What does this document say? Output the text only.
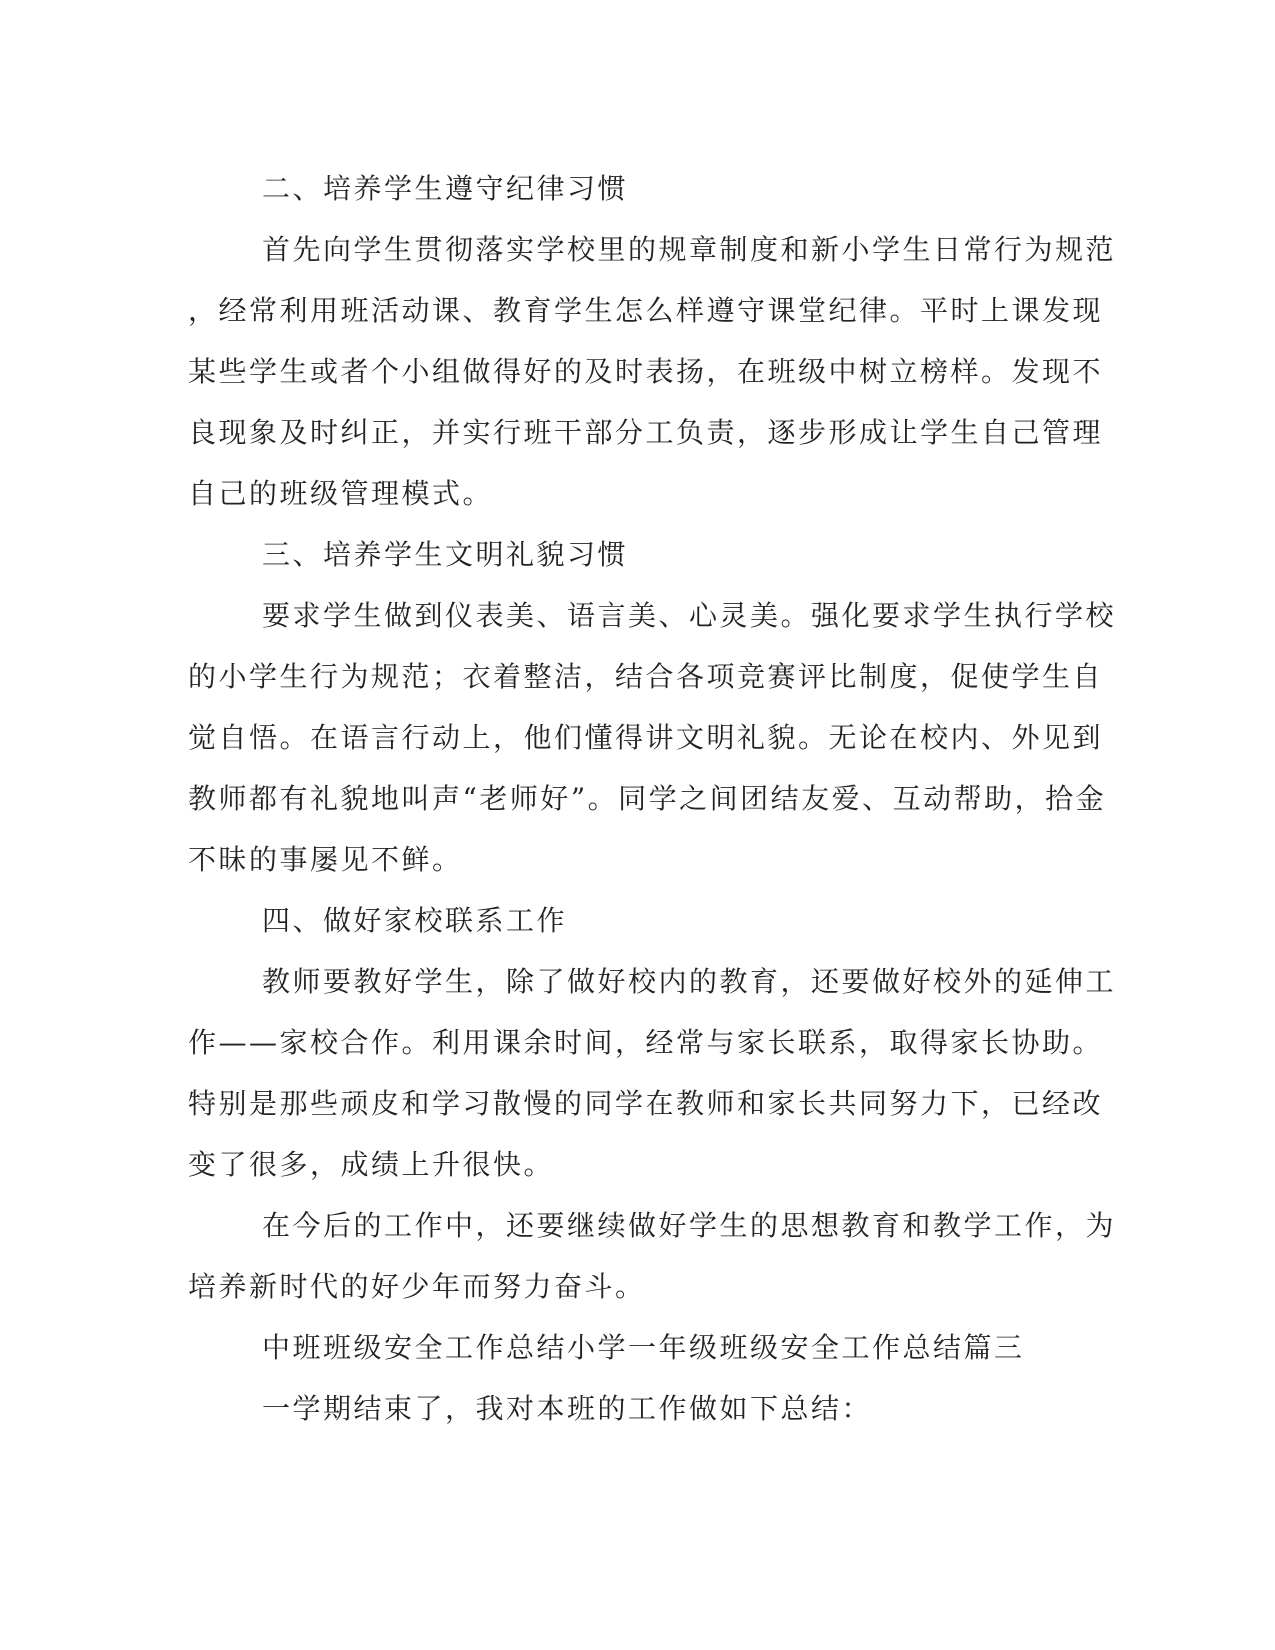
二、培养学生遵守纪律习惯

首先向学生贯彻落实学校里的规章制度和新小学生日常行为规范
，经常利用班活动课、教育学生怎么样遵守课堂纪律。平时上课发现
某些学生或者个小组做得好的及时表扬，在班级中树立榜样。发现不
良现象及时纠正，并实行班干部分工负责，逐步形成让学生自己管理
自己的班级管理模式。

三、培养学生文明礼貌习惯

要求学生做到仪表美、语言美、心灵美。强化要求学生执行学校
的小学生行为规范；衣着整洁，结合各项竞赛评比制度，促使学生自
觉自悟。在语言行动上，他们懂得讲文明礼貌。无论在校内、外见到
教师都有礼貌地叫声“老师好”。同学之间团结友爱、互动帮助，拾金
不昧的事屡见不鲜。

四、做好家校联系工作

教师要教好学生，除了做好校内的教育，还要做好校外的延伸工
作——家校合作。利用课余时间，经常与家长联系，取得家长协助。
特别是那些顽皮和学习散慢的同学在教师和家长共同努力下，已经改
变了很多，成绩上升很快。

在今后的工作中，还要继续做好学生的思想教育和教学工作，为
培养新时代的好少年而努力奋斗。

中班班级安全工作总结小学一年级班级安全工作总结篇三

一学期结束了，我对本班的工作做如下总结：
